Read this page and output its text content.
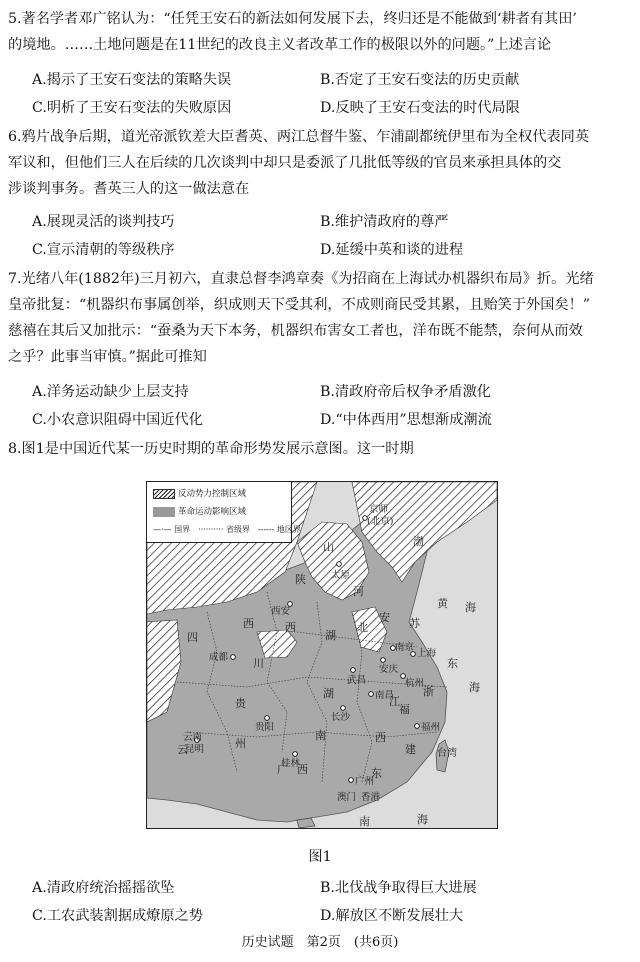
5.著名学者邓广铭认为：“任凭王安石的新法如何发展下去，终归还是不能做到‘耕者有其田’
的境地。……土地问题是在11世纪的改良主义者改革工作的极限以外的问题。”上述言论
A.揭示了王安石变法的策略失误	B.否定了王安石变法的历史贡献
C.明析了王安石变法的失败原因	D.反映了王安石变法的时代局限
6.鸦片战争后期，道光帝派钦差大臣耆英、两江总督牛鉴、乍浦副都统伊里布为全权代表同英
军议和，但他们三人在后续的几次谈判中却只是委派了几批低等级的官员来承担具体的交
涉谈判事务。耆英三人的这一做法意在
A.展现灵活的谈判技巧	B.维护清政府的尊严
C.宣示清朝的等级秩序	D.延缓中英和谈的进程
7.光绪八年(1882年)三月初六，直隶总督李鸿章奏《为招商在上海试办机器织布局》折。光绪
皇帝批复：“机器织布事属创举，织成则天下受其利，不成则商民受其累，且贻笑于外国矣！”
慈禧在其后又加批示：“蚕桑为天下本务，机器织布害女工者也，洋布既不能禁，奈何从而效
之乎？此事当审慎。”据此可推知
A.洋务运动缺少上层支持	B.清政府帝后权争矛盾激化
C.小农意识阻碍中国近代化	D.“中体西用”思想渐成潮流
8.图1是中国近代某一历史时期的革命形势发展示意图。这一时期
反动势力控制区域
革命运动影响区域
—·— 国界　·········· 省级界　------ 地区界
京师
(北京)
太原
西安
成都
武昌
南京
上海
安庆
杭州
南昌
长沙
福州
贵阳
云南
昆明
桂林
广州
澳门 香港
山
陕
西
云
四
川
湖
北
河
安 苏
浙
江
西
湖
南
贵
州
西
广 西	东
福
建 台湾
南	海
东
海
黄 海
渤
图1
A.清政府统治摇摇欲坠	B.北伐战争取得巨大进展
C.工农武装割据成燎原之势	D.解放区不断发展壮大
历史试题　第2页　(共6页)
